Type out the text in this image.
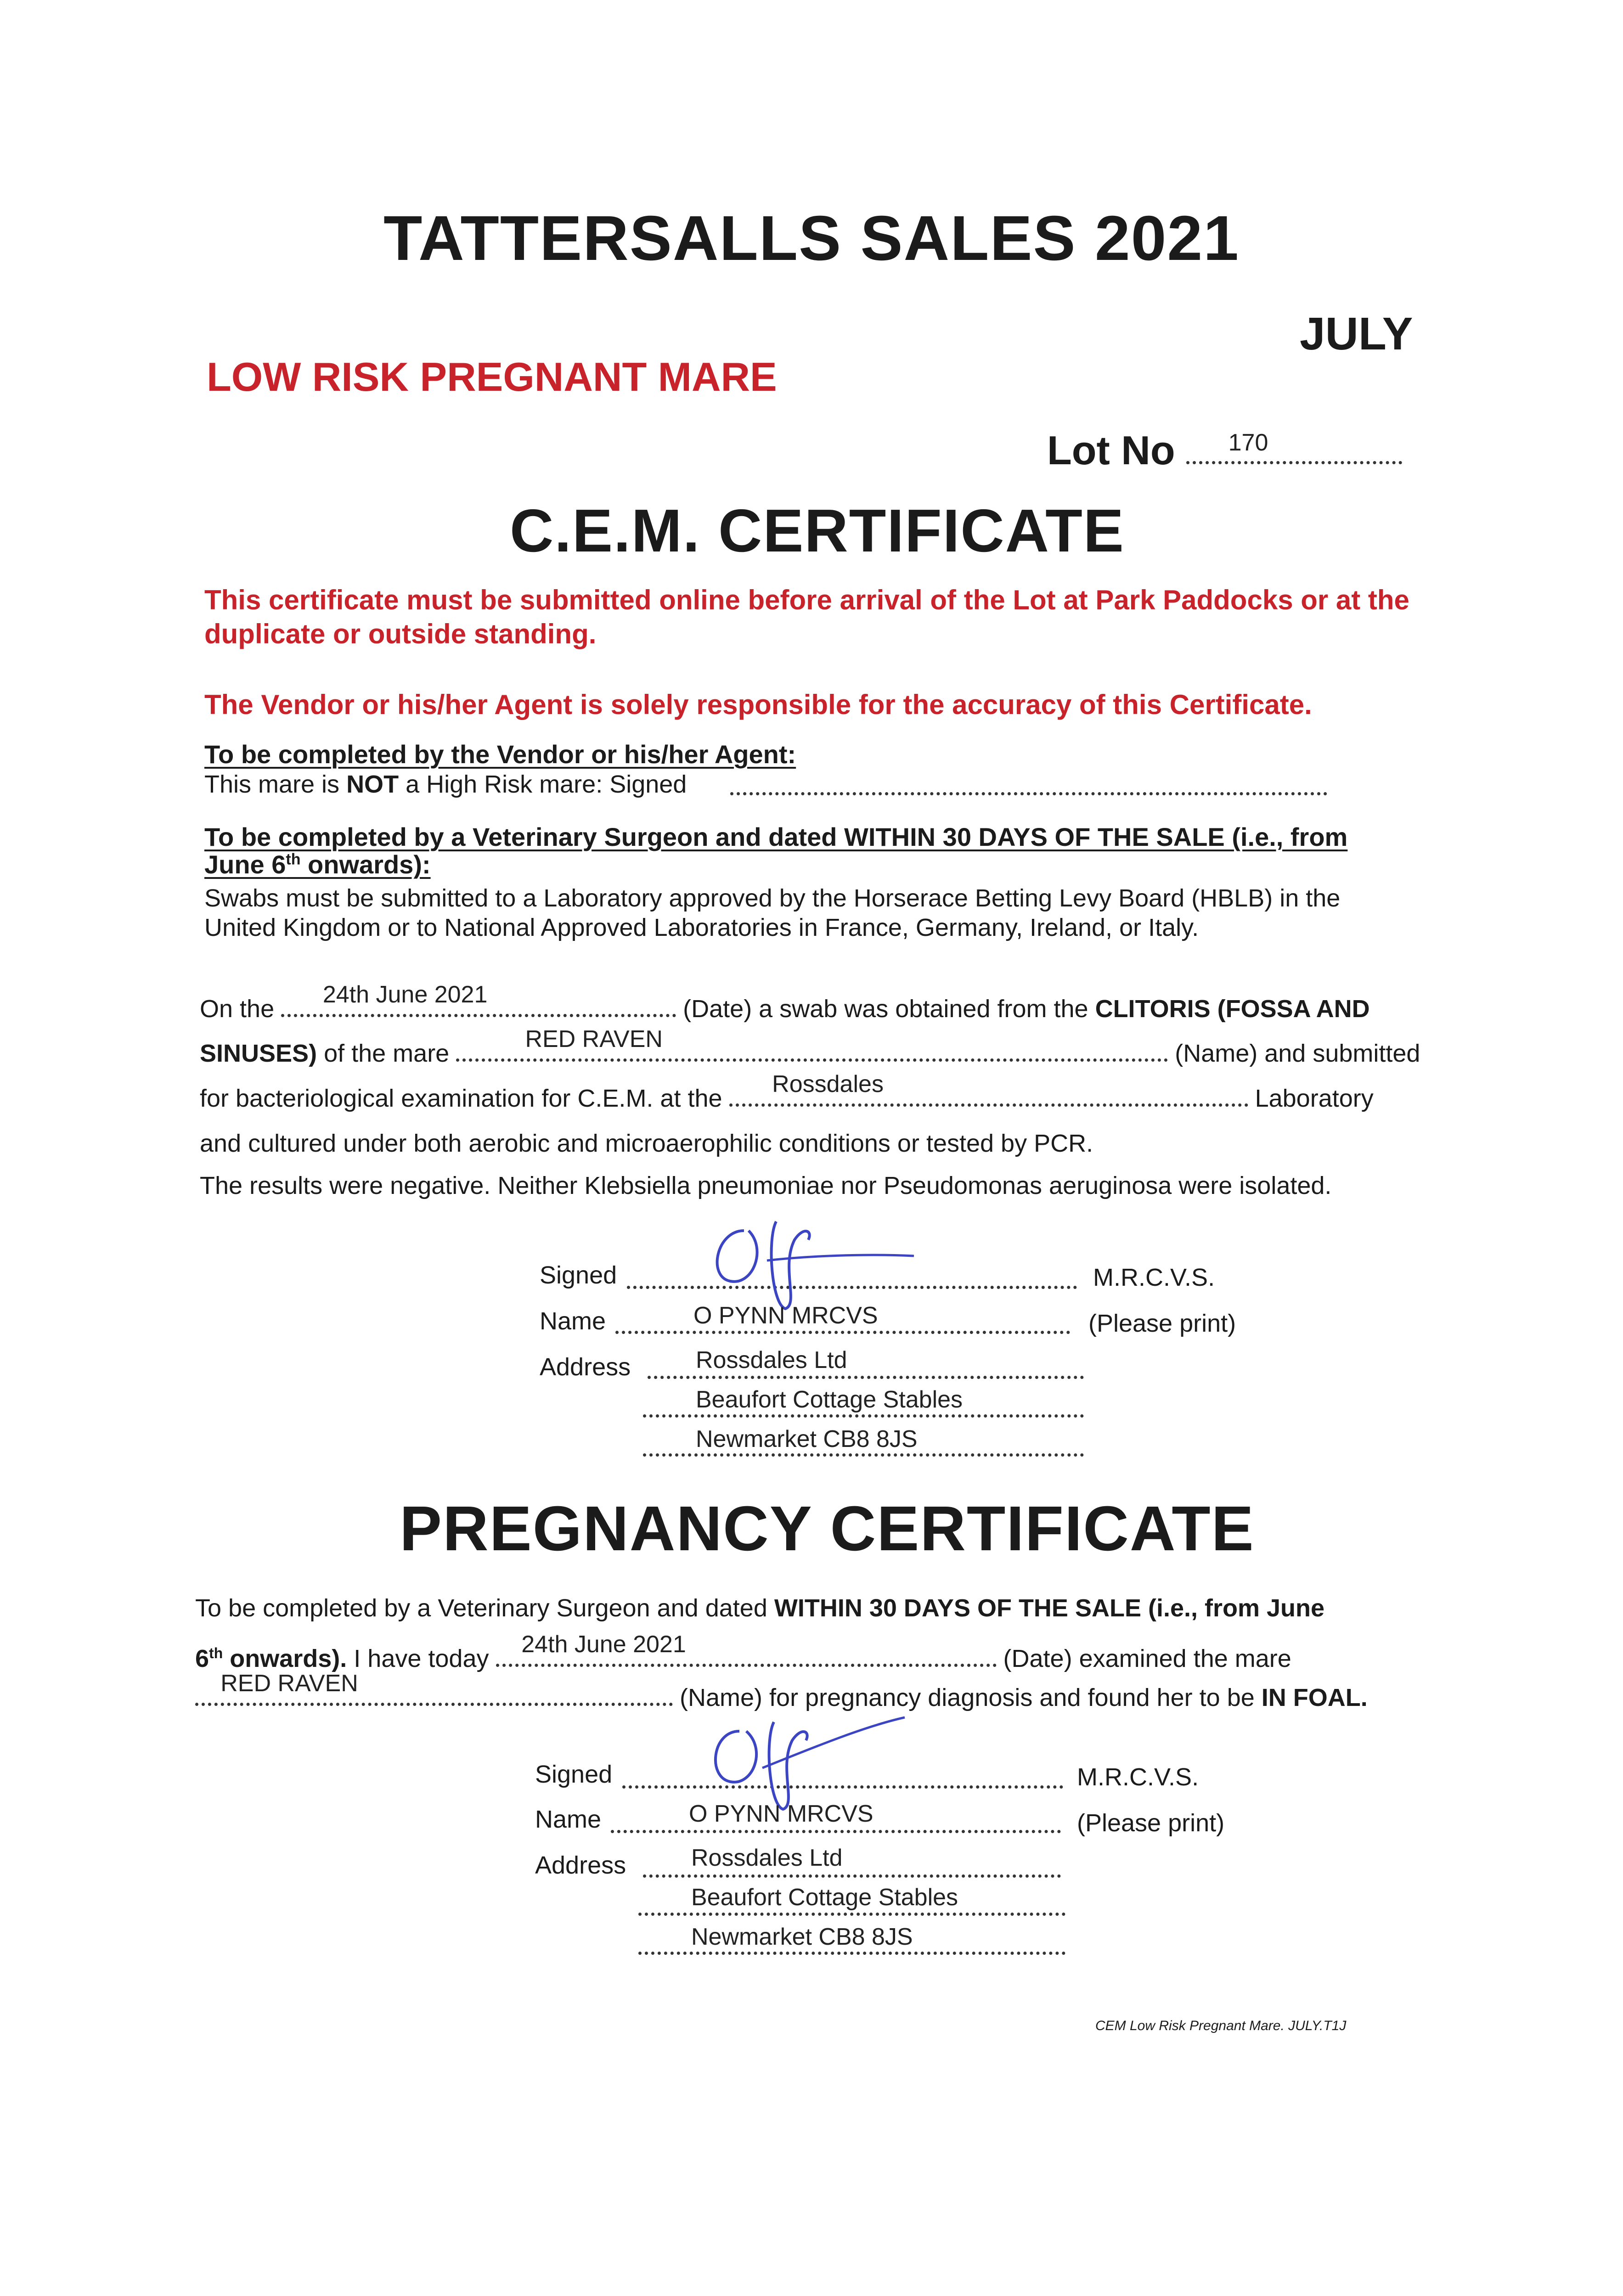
TATTERSALLS SALES 2021
JULY
LOW RISK PREGNANT MARE
Lot No	170
C.E.M. CERTIFICATE
This certificate must be submitted online before arrival of the Lot at Park Paddocks or at the duplicate or outside standing.
The Vendor or his/her Agent is solely responsible for the accuracy of this Certificate.
To be completed by the Vendor or his/her Agent:
This mare is NOT a High Risk mare: Signed
To be completed by a Veterinary Surgeon and dated WITHIN 30 DAYS OF THE SALE (i.e., from
June 6th onwards):
Swabs must be submitted to a Laboratory approved by the Horserace Betting Levy Board (HBLB) in the
United Kingdom or to National Approved Laboratories in France, Germany, Ireland, or Italy.
On the
24th June 2021
(Date) a swab was obtained from the CLITORIS (FOSSA AND
SINUSES) of the mare
RED RAVEN
(Name) and submitted
for bacteriological examination for C.E.M. at the
Rossdales
Laboratory
and cultured under both aerobic and microaerophilic conditions or tested by PCR.
The results were negative. Neither Klebsiella pneumoniae nor Pseudomonas aeruginosa were isolated.
Signed	M.R.C.V.S.
Name	O PYNN MRCVS	(Please print)
Address	Rossdales Ltd
Beaufort Cottage Stables
Newmarket CB8 8JS
PREGNANCY CERTIFICATE
To be completed by a Veterinary Surgeon and dated WITHIN 30 DAYS OF THE SALE (i.e., from June
6th onwards). I have today
24th June 2021
(Date) examined the mare
RED RAVEN
(Name) for pregnancy diagnosis and found her to be IN FOAL.
Signed	M.R.C.V.S.
Name	O PYNN MRCVS	(Please print)
Address	Rossdales Ltd
Beaufort Cottage Stables
Newmarket CB8 8JS
CEM Low Risk Pregnant Mare. JULY.T1J
